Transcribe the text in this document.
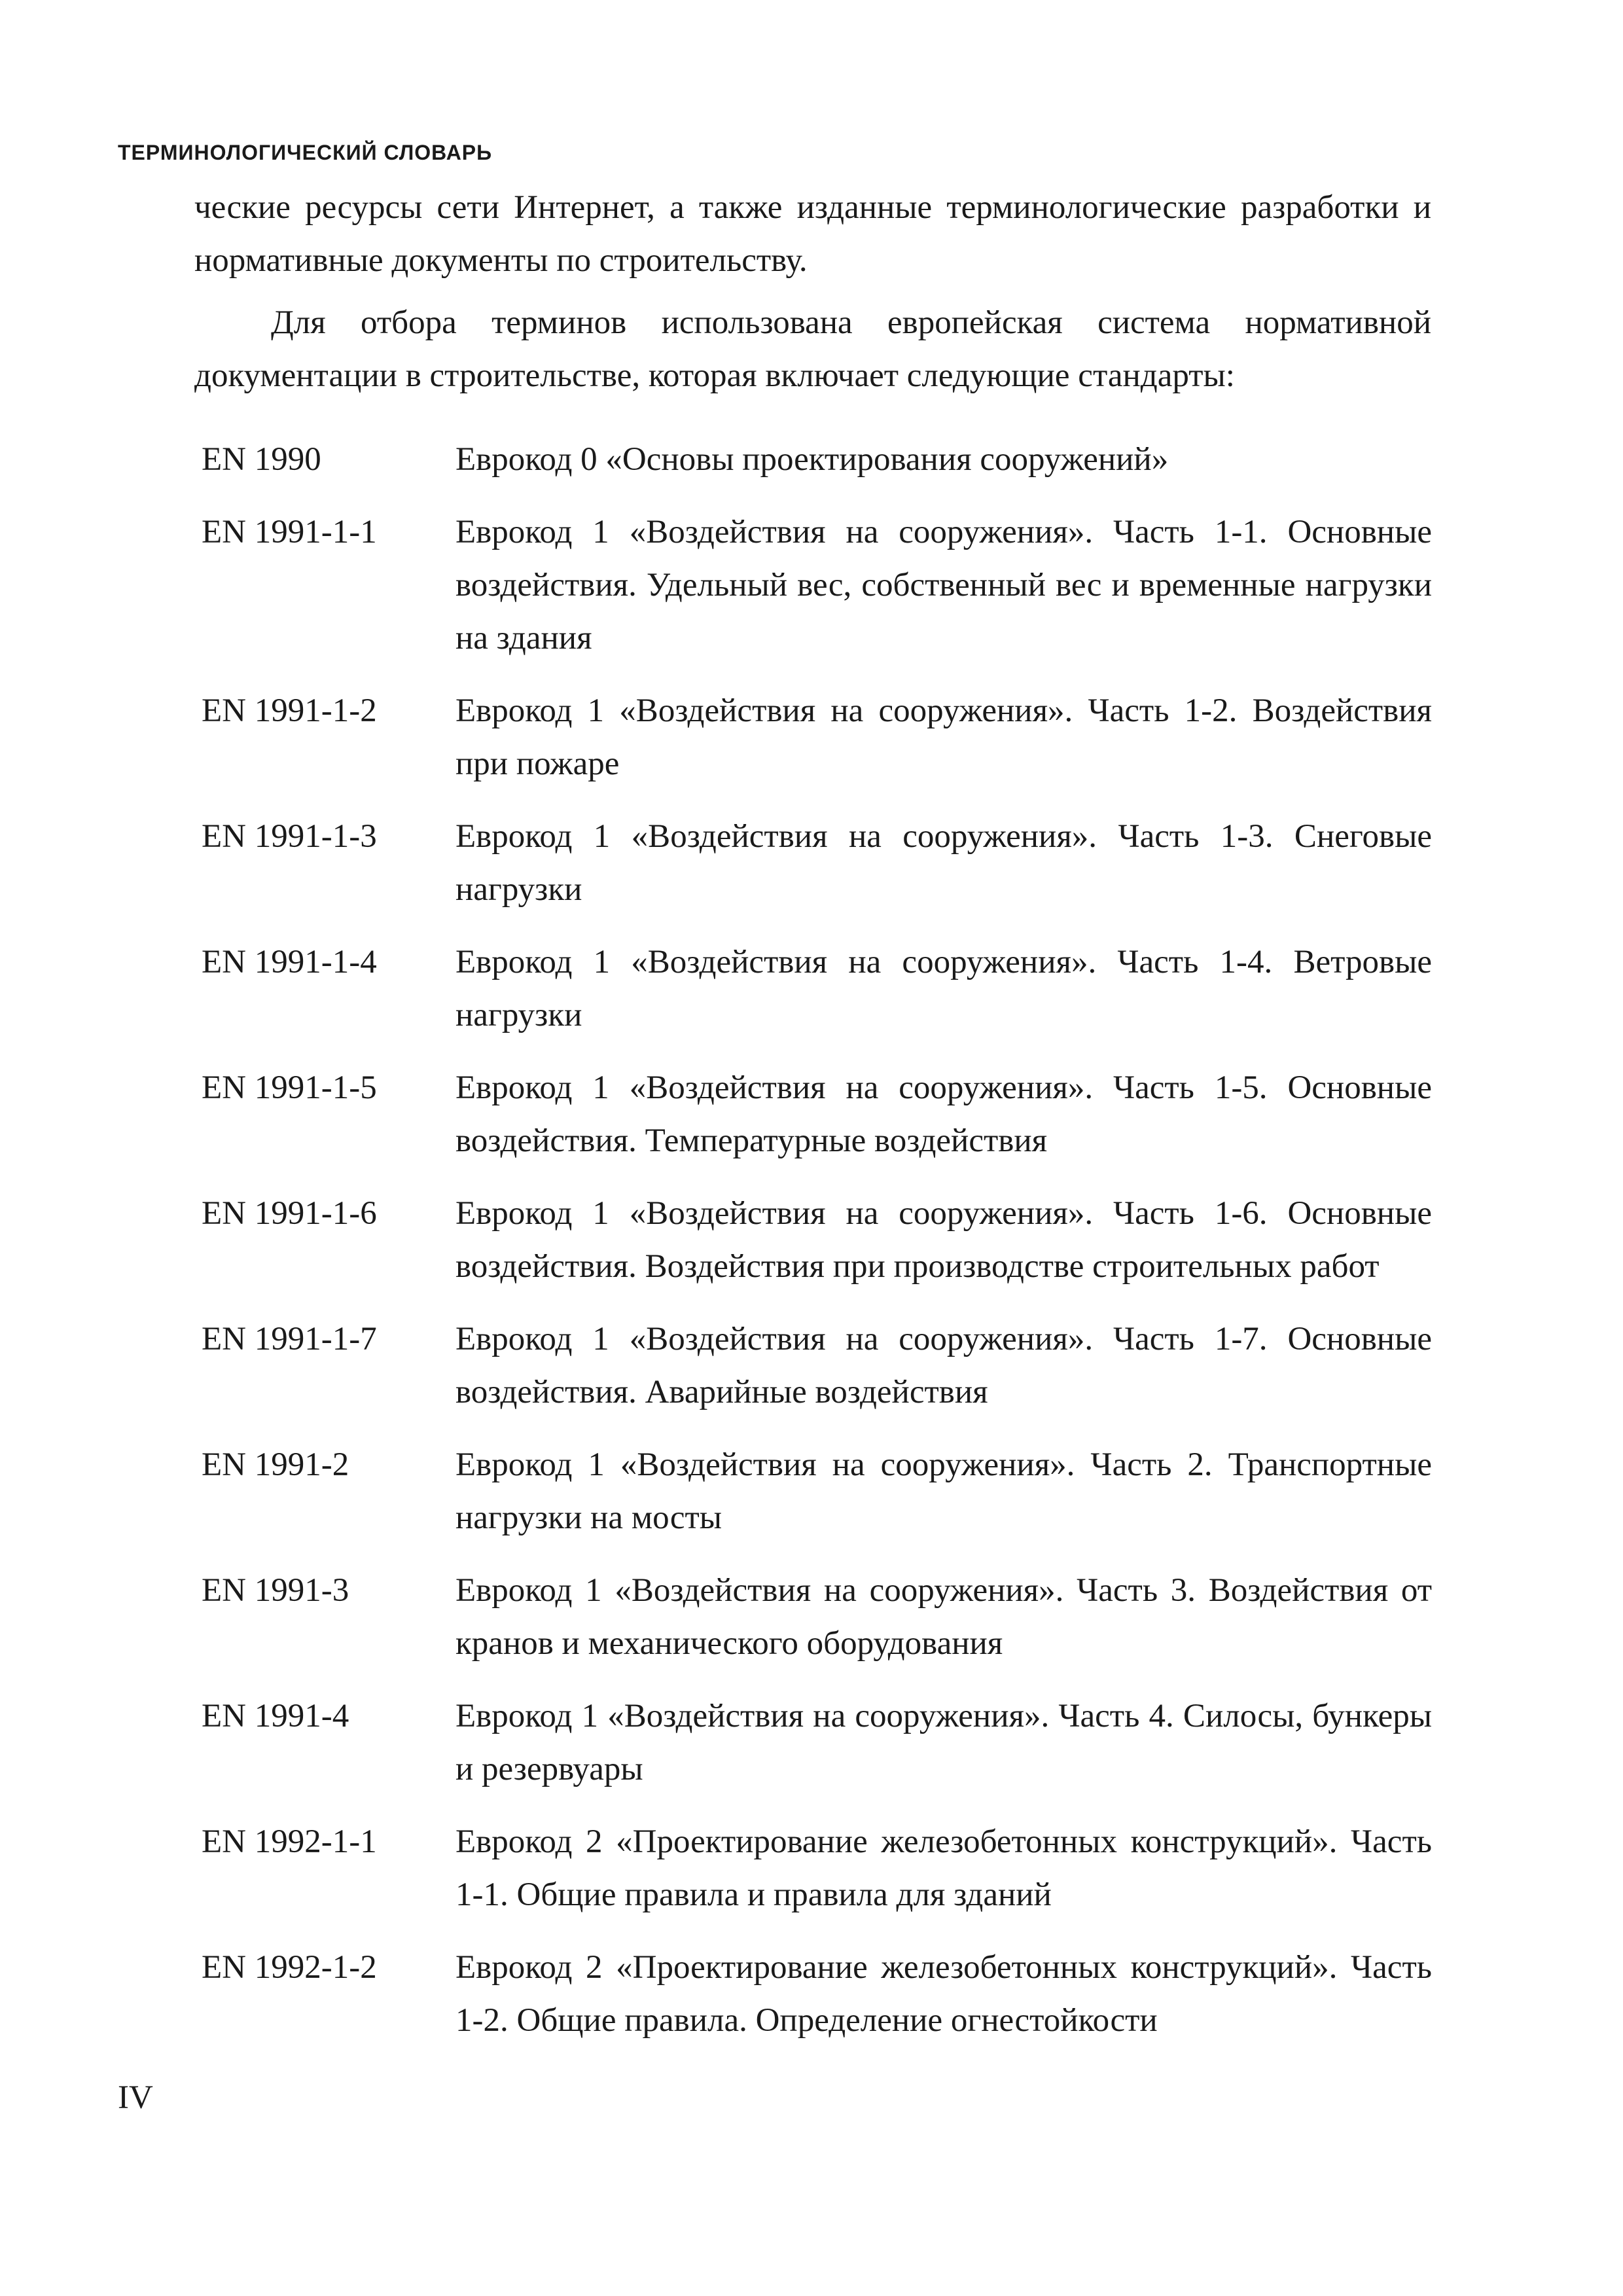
ТЕРМИНОЛОГИЧЕСКИЙ СЛОВАРЬ

ческие ресурсы сети Интернет, а также изданные терминологические разработки и нормативные документы по строительству.

Для отбора терминов использована европейская система нормативной документации в строительстве, которая включает следующие стандарты:

EN 1990	Еврокод 0 «Основы проектирования сооружений»
EN 1991-1-1	Еврокод 1 «Воздействия на сооружения». Часть 1-1. Основные воздействия. Удельный вес, собственный вес и временные нагрузки на здания
EN 1991-1-2	Еврокод 1 «Воздействия на сооружения». Часть 1-2. Воздействия при пожаре
EN 1991-1-3	Еврокод 1 «Воздействия на сооружения». Часть 1-3. Снеговые нагрузки
EN 1991-1-4	Еврокод 1 «Воздействия на сооружения». Часть 1-4. Ветровые нагрузки
EN 1991-1-5	Еврокод 1 «Воздействия на сооружения». Часть 1-5. Основные воздействия. Температурные воздействия
EN 1991-1-6	Еврокод 1 «Воздействия на сооружения». Часть 1-6. Основные воздействия. Воздействия при производстве строительных работ
EN 1991-1-7	Еврокод 1 «Воздействия на сооружения». Часть 1-7. Основные воздействия. Аварийные воздействия
EN 1991-2	Еврокод 1 «Воздействия на сооружения». Часть 2. Транспортные нагрузки на мосты
EN 1991-3	Еврокод 1 «Воздействия на сооружения». Часть 3. Воздействия от кранов и механического оборудования
EN 1991-4	Еврокод 1 «Воздействия на сооружения». Часть 4. Силосы, бункеры и резервуары
EN 1992-1-1	Еврокод 2 «Проектирование железобетонных конструкций». Часть 1-1. Общие правила и правила для зданий
EN 1992-1-2	Еврокод 2 «Проектирование железобетонных конструкций». Часть 1-2. Общие правила. Определение огнестойкости
IV
